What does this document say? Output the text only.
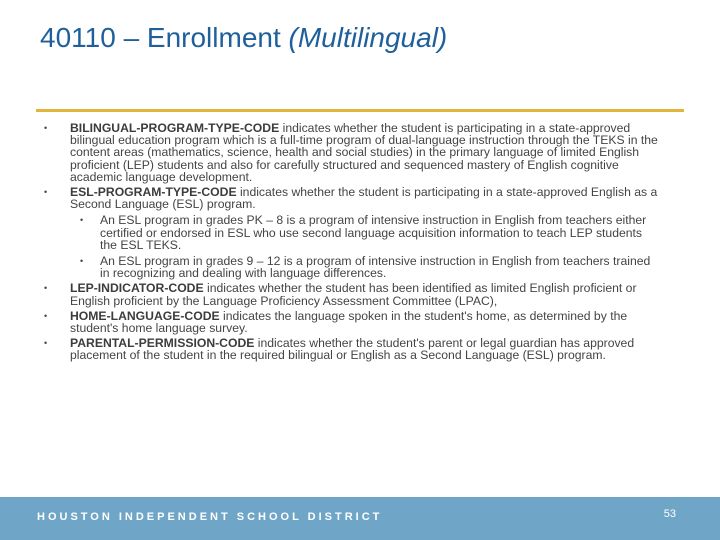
40110 – Enrollment (Multilingual)
• BILINGUAL-PROGRAM-TYPE-CODE indicates whether the student is participating in a state-approved bilingual education program which is a full-time program of dual-language instruction through the TEKS in the content areas (mathematics, science, health and social studies) in the primary language of limited English proficient (LEP) students and also for carefully structured and sequenced mastery of English cognitive academic language development.
• ESL-PROGRAM-TYPE-CODE indicates whether the student is participating in a state-approved English as a Second Language (ESL) program.
• An ESL program in grades PK – 8 is a program of intensive instruction in English from teachers either certified or endorsed in ESL who use second language acquisition information to teach LEP students the ESL TEKS.
• An ESL program in grades 9 – 12 is a program of intensive instruction in English from teachers trained in recognizing and dealing with language differences.
• LEP-INDICATOR-CODE indicates whether the student has been identified as limited English proficient or English proficient by the Language Proficiency Assessment Committee (LPAC),
• HOME-LANGUAGE-CODE indicates the language spoken in the student's home, as determined by the student's home language survey.
• PARENTAL-PERMISSION-CODE indicates whether the student's parent or legal guardian has approved placement of the student in the required bilingual or English as a Second Language (ESL) program.
HOUSTON INDEPENDENT SCHOOL DISTRICT	53
